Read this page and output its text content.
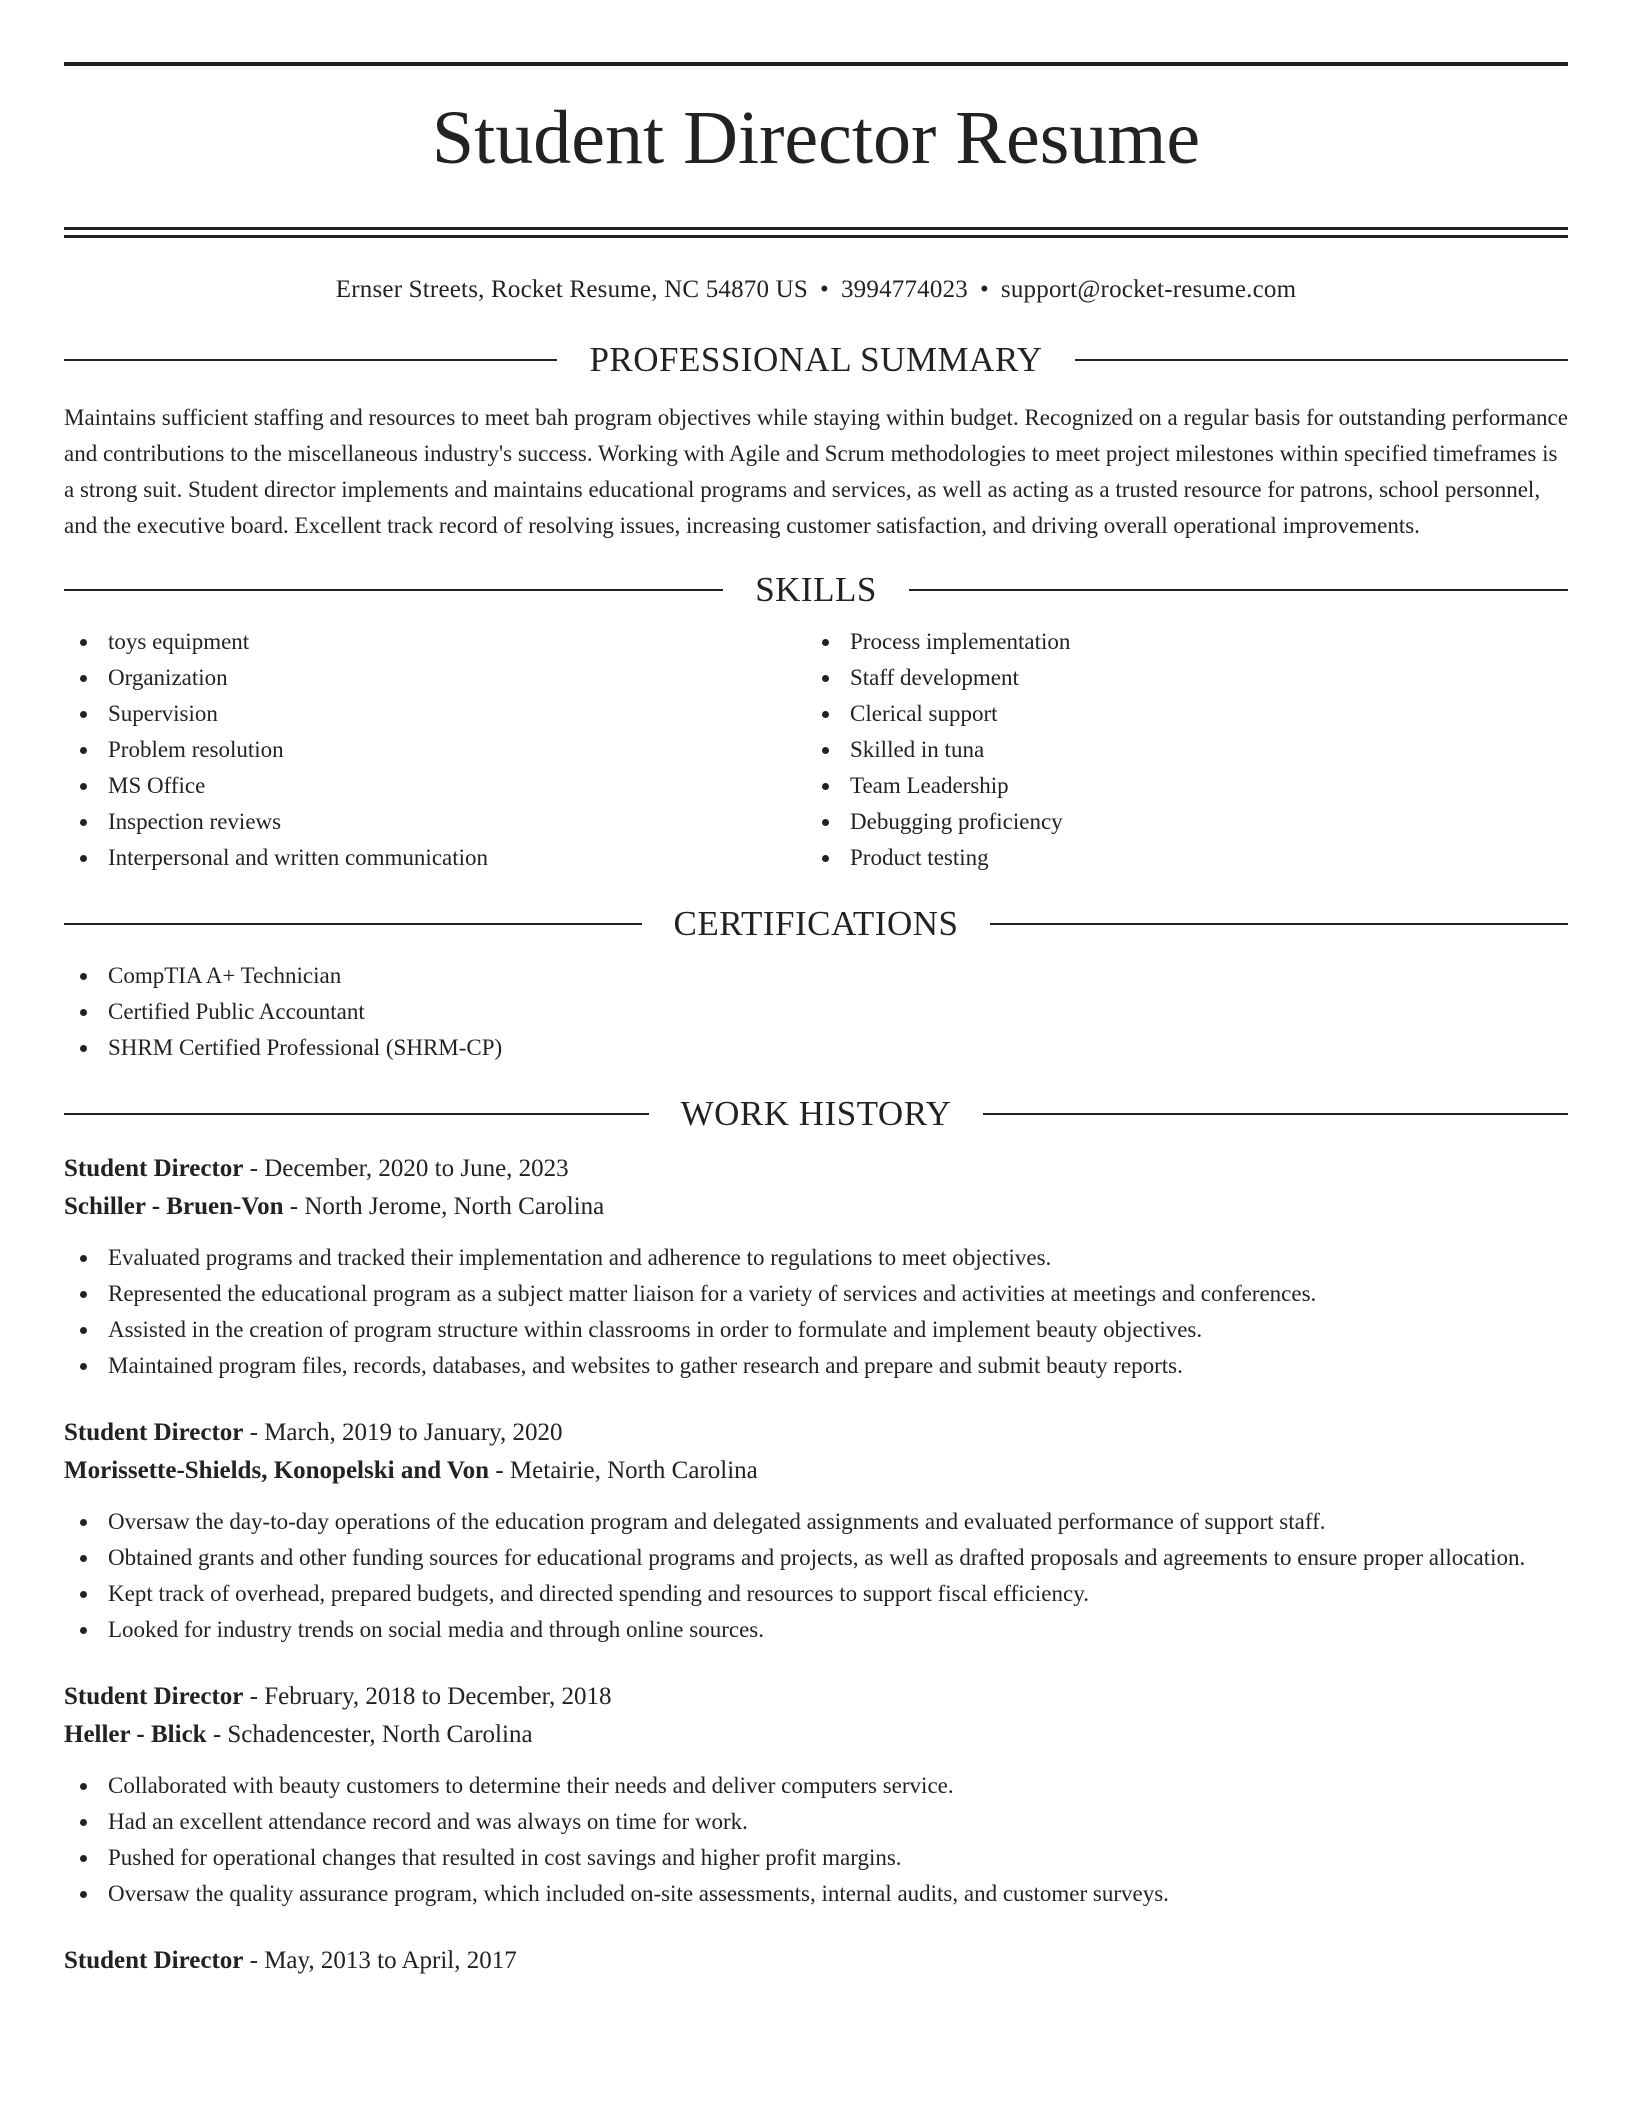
Student Director Resume
Ernser Streets, Rocket Resume, NC 54870 US • 3994774023 • support@rocket-resume.com
PROFESSIONAL SUMMARY

Maintains sufficient staffing and resources to meet bah program objectives while staying within budget. Recognized on a regular basis for outstanding performance and contributions to the miscellaneous industry's success. Working with Agile and Scrum methodologies to meet project milestones within specified timeframes is a strong suit. Student director implements and maintains educational programs and services, as well as acting as a trusted resource for patrons, school personnel, and the executive board. Excellent track record of resolving issues, increasing customer satisfaction, and driving overall operational improvements.

SKILLS
toys equipment
Organization
Supervision
Problem resolution
MS Office
Inspection reviews
Interpersonal and written communication
Process implementation
Staff development
Clerical support
Skilled in tuna
Team Leadership
Debugging proficiency
Product testing
CERTIFICATIONS
CompTIA A+ Technician
Certified Public Accountant
SHRM Certified Professional (SHRM-CP)
WORK HISTORY
Student Director - December, 2020 to June, 2023
Schiller - Bruen-Von - North Jerome, North Carolina
Evaluated programs and tracked their implementation and adherence to regulations to meet objectives.
Represented the educational program as a subject matter liaison for a variety of services and activities at meetings and conferences.
Assisted in the creation of program structure within classrooms in order to formulate and implement beauty objectives.
Maintained program files, records, databases, and websites to gather research and prepare and submit beauty reports.
Student Director - March, 2019 to January, 2020
Morissette-Shields, Konopelski and Von - Metairie, North Carolina
Oversaw the day-to-day operations of the education program and delegated assignments and evaluated performance of support staff.
Obtained grants and other funding sources for educational programs and projects, as well as drafted proposals and agreements to ensure proper allocation.
Kept track of overhead, prepared budgets, and directed spending and resources to support fiscal efficiency.
Looked for industry trends on social media and through online sources.
Student Director - February, 2018 to December, 2018
Heller - Blick - Schadencester, North Carolina
Collaborated with beauty customers to determine their needs and deliver computers service.
Had an excellent attendance record and was always on time for work.
Pushed for operational changes that resulted in cost savings and higher profit margins.
Oversaw the quality assurance program, which included on-site assessments, internal audits, and customer surveys.
Student Director - May, 2013 to April, 2017
